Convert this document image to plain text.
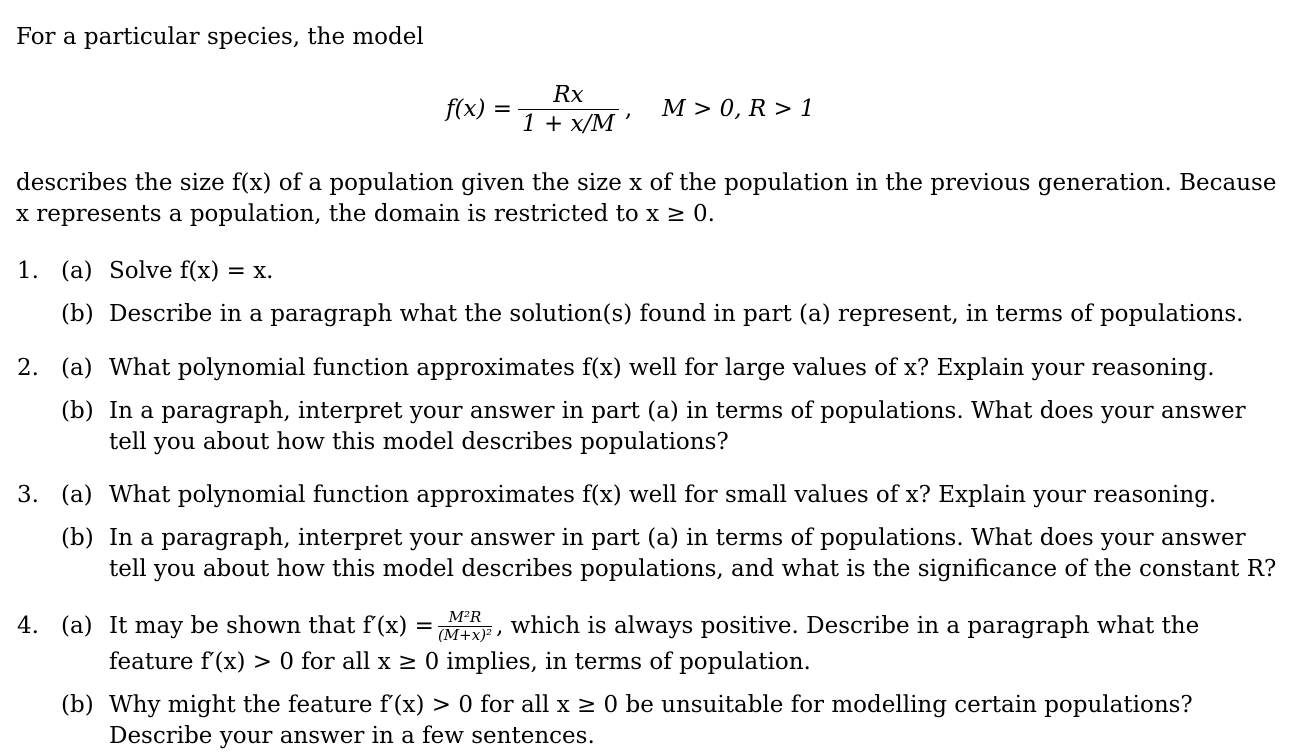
For a particular species, the model
$f(x) = \frac{Rx}{1 + x/M}$ , M > 0, R > 1
describes the size f(x) of a population given the size x of the population in the previous generation. Because
x represents a population, the domain is restricted to x ≥ 0.
1. (a) Solve f(x) = x.
(b) Describe in a paragraph what the solution(s) found in part (a) represent, in terms of populations.
2. (a) What polynomial function approximates f(x) well for large values of x? Explain your reasoning.
(b) In a paragraph, interpret your answer in part (a) in terms of populations. What does your answer
tell you about how this model describes populations?
3. (a) What polynomial function approximates f(x) well for small values of x? Explain your reasoning.
(b) In a paragraph, interpret your answer in part (a) in terms of populations. What does your answer
tell you about how this model describes populations, and what is the significance of the constant R?
4. (a) It may be shown that $f'(x) = \frac{\text{M²R}}{\text{(M+x)²}}$ , which is always positive. Describe in a paragraph what the
feature f′(x) > 0 for all x ≥ 0 implies, in terms of population.
(b) Why might the feature f′(x) > 0 for all x ≥ 0 be unsuitable for modelling certain populations?
Describe your answer in a few sentences.
